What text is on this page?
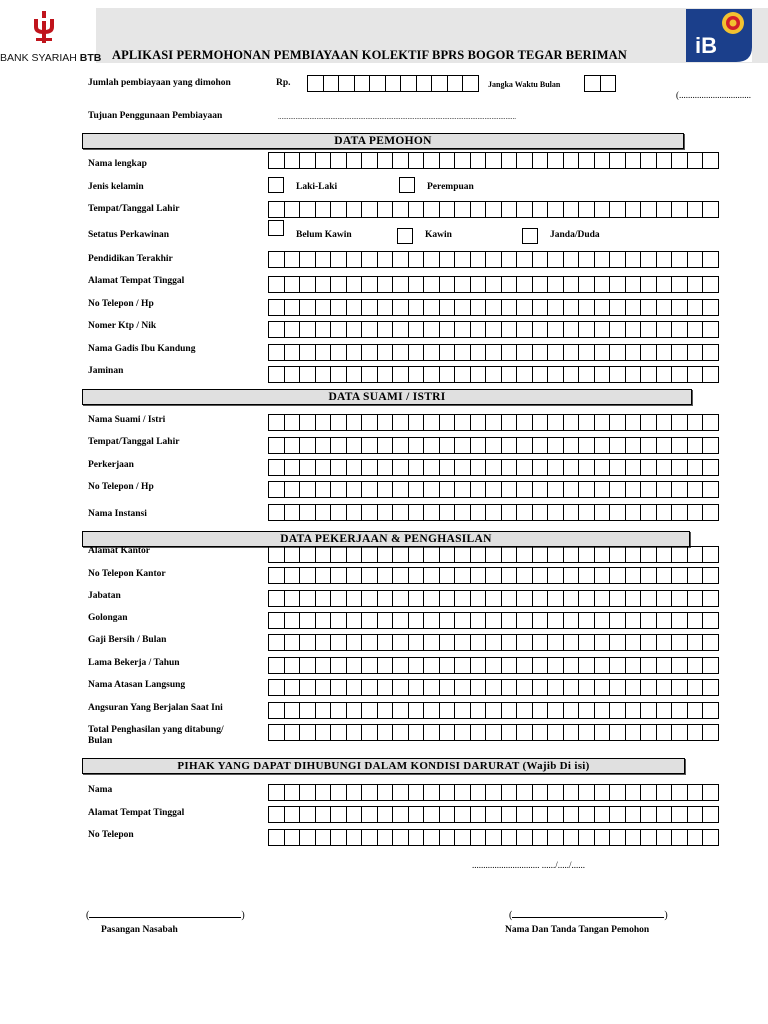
BANK SYARIAH BTB APLIKASI PERMOHONAN PEMBIAYAAN KOLEKTIF BPRS BOGOR TEGAR BERIMAN	iB
Jumlah pembiayaan yang dimohon	Rp.	Jangka Waktu Bulan
(................................
Tujuan Penggunaan Pembiayaan	........................................................................................................................................
DATA PEMOHON
Nama lengkap
Jenis kelamin	Laki-Laki	Perempuan
Tempat/Tanggal Lahir
Setatus Perkawinan	Belum Kawin	Kawin	Janda/Duda
Pendidikan Terakhir
Alamat Tempat Tinggal
No Telepon / Hp
Nomer Ktp / Nik
Nama Gadis Ibu Kandung
Jaminan
DATA SUAMI / ISTRI
Nama Suami / Istri
Tempat/Tanggal Lahir
Perkerjaan
No Telepon / Hp
Nama Instansi
DATA PEKERJAAN & PENGHASILAN
Alamat Kantor
No Telepon Kantor
Jabatan
Golongan
Gaji Bersih / Bulan
Lama Bekerja / Tahun
Nama Atasan Langsung
Angsuran Yang Berjalan Saat Ini
Total Penghasilan yang ditabung/ Bulan
PIHAK YANG DAPAT DIHUBUNGI DALAM KONDISI DARURAT (Wajib Di isi)
Nama
Alamat Tempat Tinggal
No Telepon
.............................. ....../...../......
(	)
Pasangan Nasabah
(	)
Nama Dan Tanda Tangan Pemohon
